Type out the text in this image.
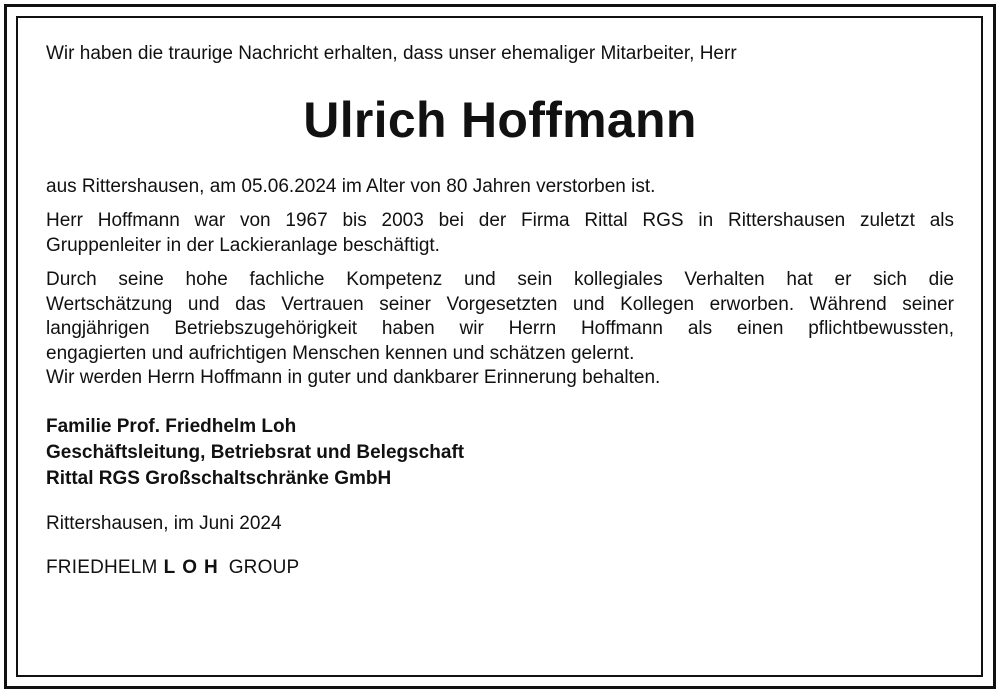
Wir haben die traurige Nachricht erhalten, dass unser ehemaliger Mitarbeiter, Herr

Ulrich Hoffmann

aus Rittershausen, am 05.06.2024 im Alter von 80 Jahren verstorben ist.

Herr Hoffmann war von 1967 bis 2003 bei der Firma Rittal RGS in Rittershausen zuletzt als
Gruppenleiter in der Lackieranlage beschäftigt.
Durch seine hohe fachliche Kompetenz und sein kollegiales Verhalten hat er sich die
Wertschätzung und das Vertrauen seiner Vorgesetzten und Kollegen erworben. Während seiner
langjährigen Betriebszugehörigkeit haben wir Herrn Hoffmann als einen pflichtbewussten,
engagierten und aufrichtigen Menschen kennen und schätzen gelernt.
Wir werden Herrn Hoffmann in guter und dankbarer Erinnerung behalten.
Familie Prof. Friedhelm Loh
Geschäftsleitung, Betriebsrat und Belegschaft
Rittal RGS Großschaltschränke GmbH

Rittershausen, im Juni 2024

FRIEDHELM LOH GROUP
